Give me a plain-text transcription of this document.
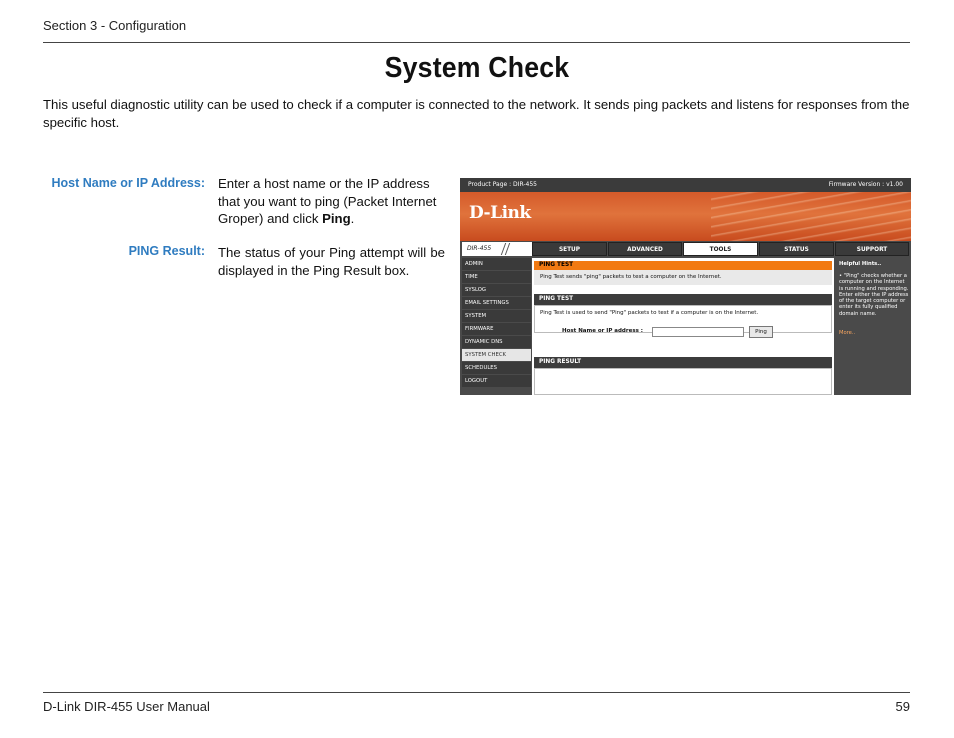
Section 3 - Configuration
System Check
This useful diagnostic utility can be used to check if a computer is connected to the network. It sends ping packets and listens for responses from the specific host.
Host Name or IP Address: Enter a host name or the IP address that you want to ping (Packet Internet Groper) and click Ping.
PING Result: The status of your Ping attempt will be displayed in the Ping Result box.
Product Page : DIR-455	Firmware Version : v1.00
D-Link
DIR-455	SETUP	ADVANCED	TOOLS	STATUS	SUPPORT
ADMIN
TIME
SYSLOG
EMAIL SETTINGS
SYSTEM
FIRMWARE
DYNAMIC DNS
SYSTEM CHECK
SCHEDULES
LOGOUT
PING TEST
Ping Test sends "ping" packets to test a computer on the Internet.
PING TEST
Ping Test is used to send "Ping" packets to test if a computer is on the Internet.
Host Name or IP address :	Ping
PING RESULT
Helpful Hints..
• "Ping" checks whether a computer on the Internet is running and responding. Enter either the IP address of the target computer or enter its fully qualified domain name.
More..
D-Link DIR-455 User Manual	59
